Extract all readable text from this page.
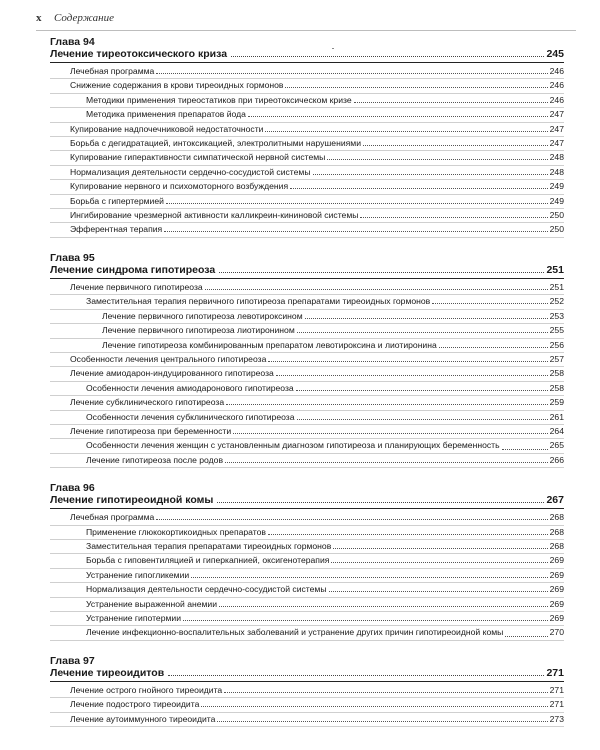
x Содержание
Глава 94
Лечение тиреотоксического криза	245
Лечебная программа	246
Снижение содержания в крови тиреоидных гормонов	246
Методики применения тиреостатиков при тиреотоксическом кризе	246
Методика применения препаратов йода	247
Купирование надпочечниковой недостаточности	247
Борьба с дегидратацией, интоксикацией, электролитными нарушениями	247
Купирование гиперактивности симпатической нервной системы	248
Нормализация деятельности сердечно-сосудистой системы	248
Купирование нервного и психомоторного возбуждения	249
Борьба с гипертермией	249
Ингибирование чрезмерной активности калликреин-кининовой системы	250
Эфферентная терапия	250
Глава 95
Лечение синдрома гипотиреоза	251
Лечение первичного гипотиреоза	251
Заместительная терапия первичного гипотиреоза препаратами тиреоидных гормонов	252
Лечение первичного гипотиреоза левотироксином	253
Лечение первичного гипотиреоза лиотиронином	255
Лечение гипотиреоза комбинированным препаратом левотироксина и лиотиронина	256
Особенности лечения центрального гипотиреоза	257
Лечение амиодарон-индуцированного гипотиреоза	258
Особенности лечения амиодаронового гипотиреоза	258
Лечение субклинического гипотиреоза	259
Особенности лечения субклинического гипотиреоза	261
Лечение гипотиреоза при беременности	264
Особенности лечения женщин с установленным диагнозом гипотиреоза и планирующих беременность	265
Лечение гипотиреоза после родов	266
Глава 96
Лечение гипотиреоидной комы	267
Лечебная программа	268
Применение глюкокортикоидных препаратов	268
Заместительная терапия препаратами тиреоидных гормонов	268
Борьба с гиповентиляцией и гиперкапнией, оксигенотерапия	269
Устранение гипогликемии	269
Нормализация деятельности сердечно-сосудистой системы	269
Устранение выраженной анемии	269
Устранение гипотермии	269
Лечение инфекционно-воспалительных заболеваний и устранение других причин гипотиреоидной комы	270
Глава 97
Лечение тиреоидитов	271
Лечение острого гнойного тиреоидита	271
Лечение подострого тиреоидита	271
Лечение аутоиммунного тиреоидита	273
